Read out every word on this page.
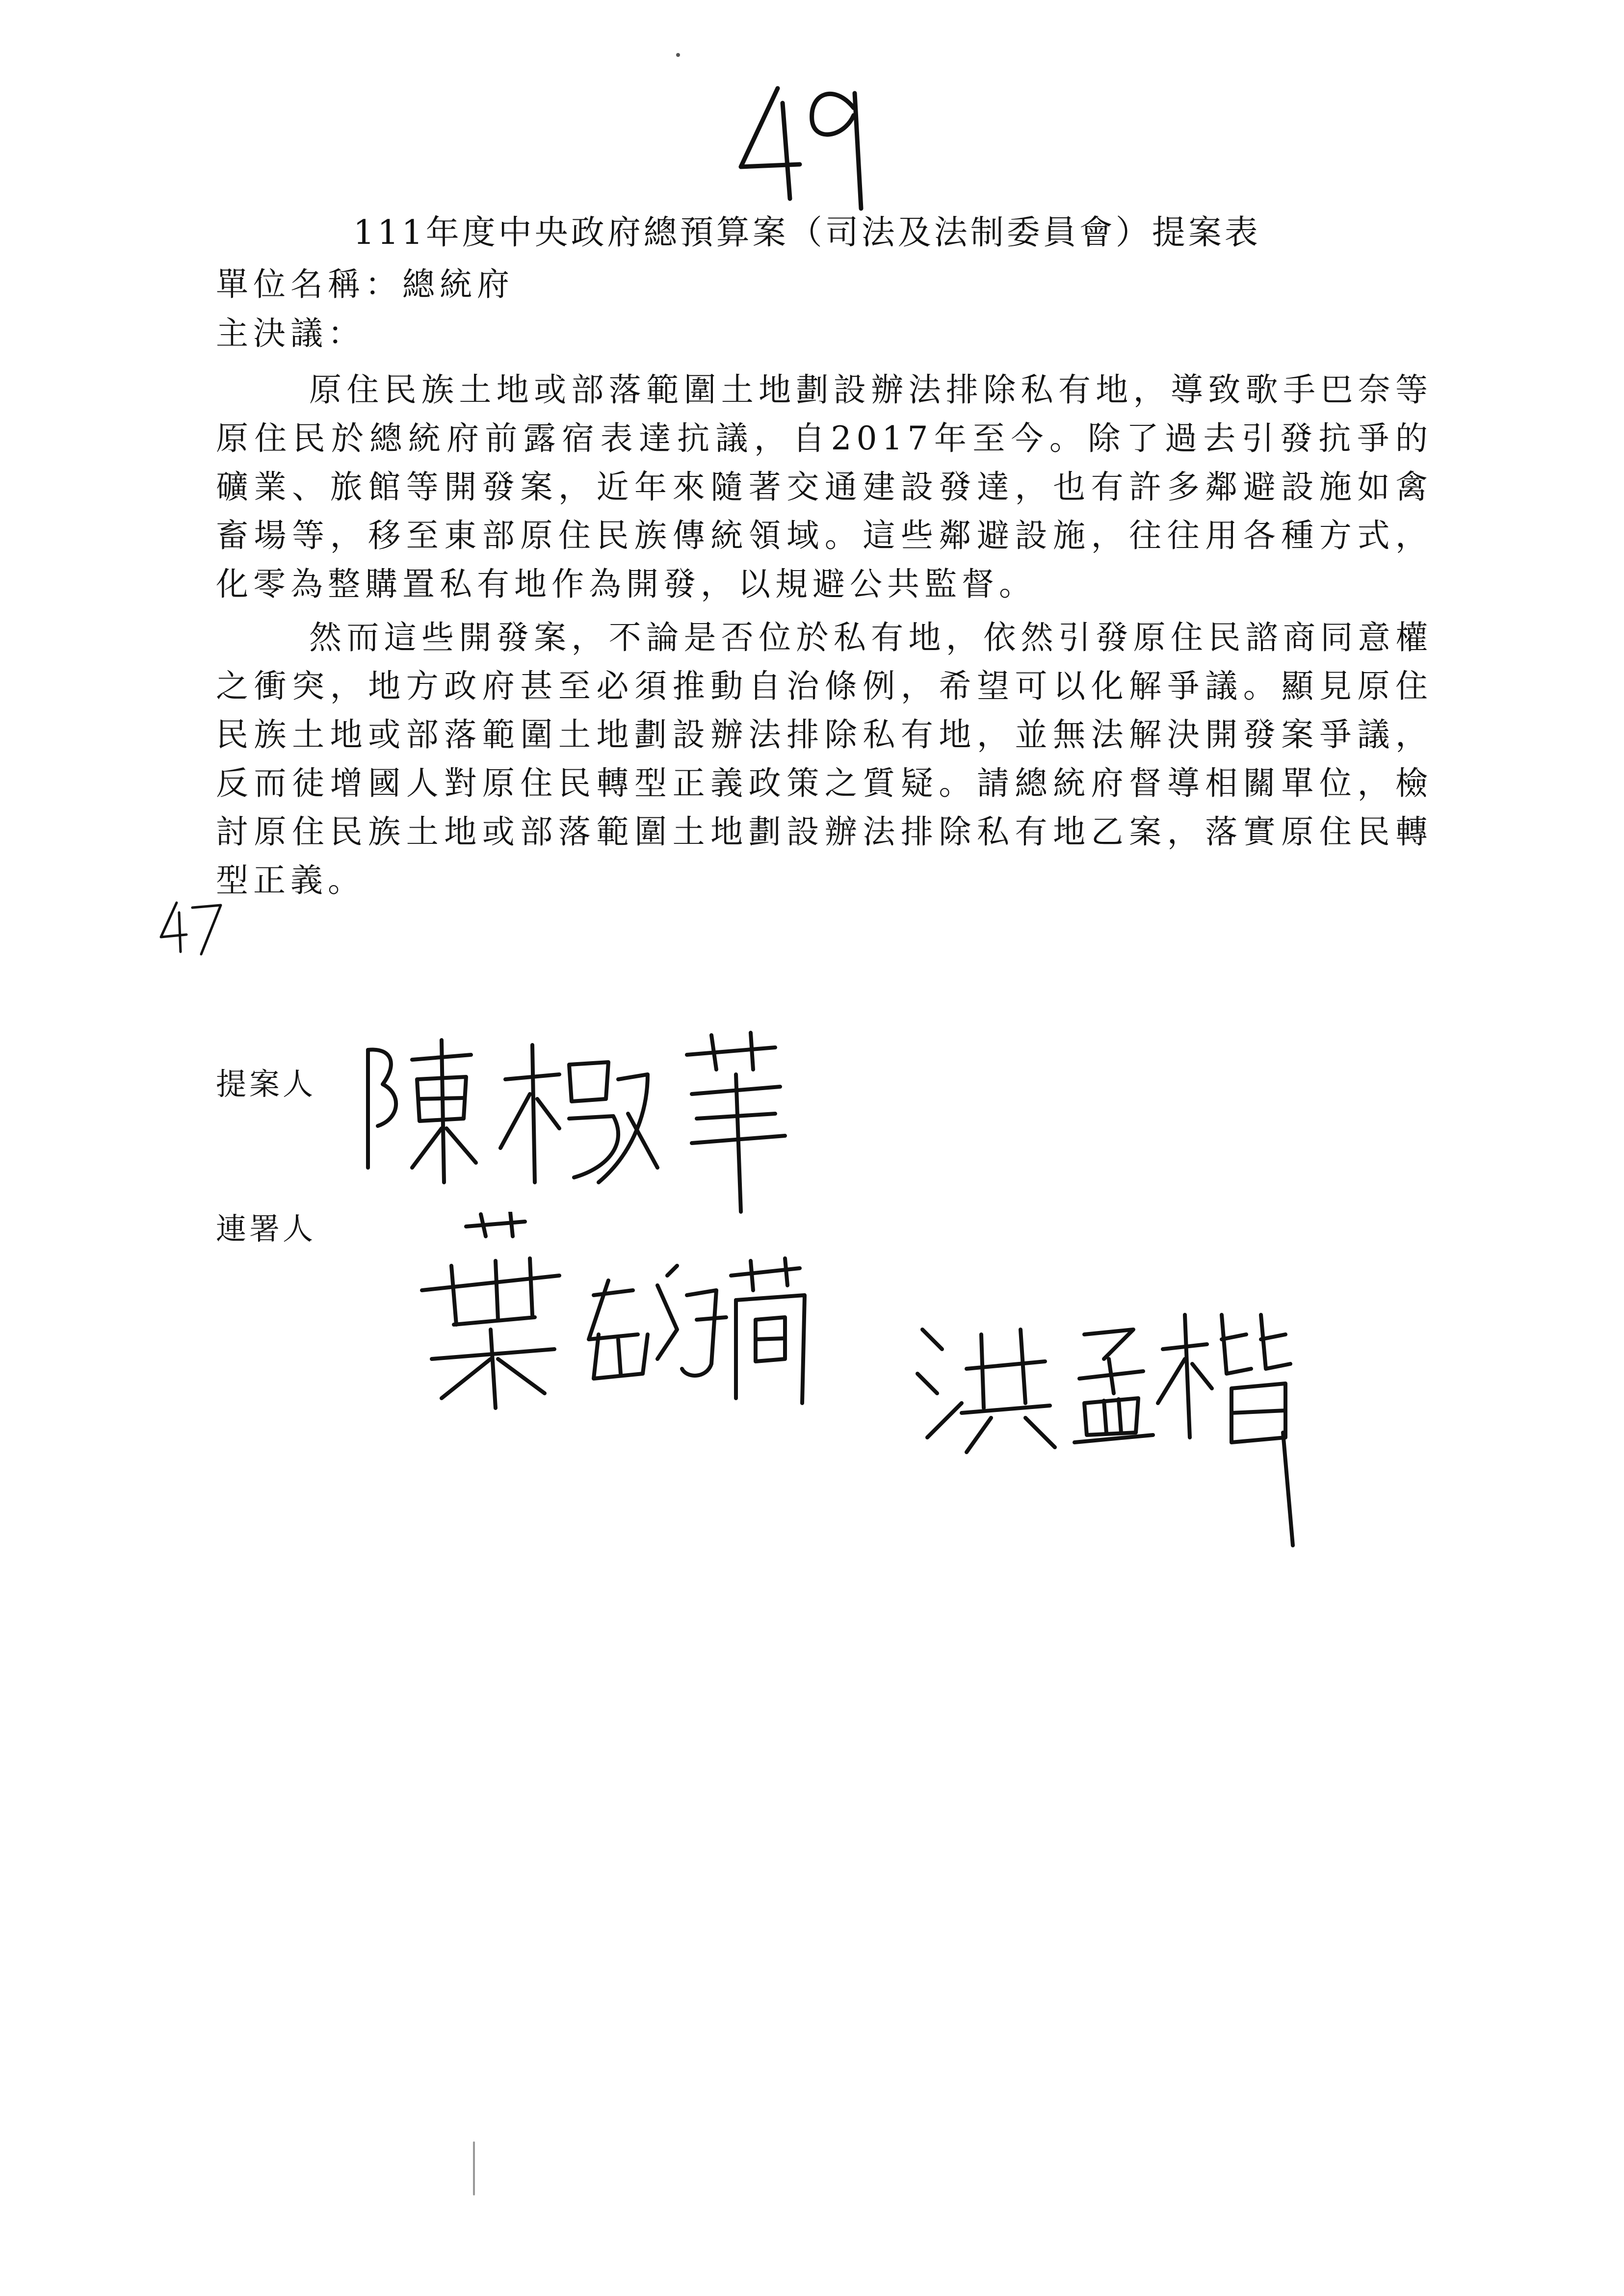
111年度中央政府總預算案（司法及法制委員會）提案表
單位名稱：總統府
主決議：

原住民族土地或部落範圍土地劃設辦法排除私有地，導致歌手巴奈等原住民於總統府前露宿表達抗議，自2017年至今。除了過去引發抗爭的礦業、旅館等開發案，近年來隨著交通建設發達，也有許多鄰避設施如禽畜場等，移至東部原住民族傳統領域。這些鄰避設施，往往用各種方式，化零為整購置私有地作為開發，以規避公共監督。

然而這些開發案，不論是否位於私有地，依然引發原住民諮商同意權之衝突，地方政府甚至必須推動自治條例，希望可以化解爭議。顯見原住民族土地或部落範圍土地劃設辦法排除私有地，並無法解決開發案爭議，反而徒增國人對原住民轉型正義政策之質疑。請總統府督導相關單位，檢討原住民族土地或部落範圍土地劃設辦法排除私有地乙案，落實原住民轉型正義。

提案人
連署人
